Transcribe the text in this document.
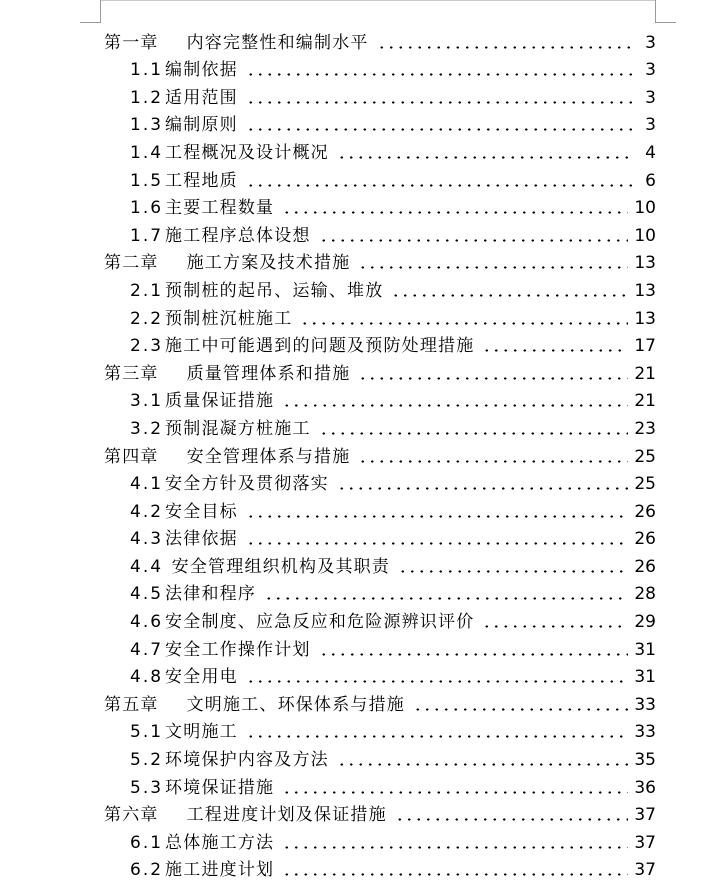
第一章 内容完整性和编制水平	3
1.1 编制依据	3
1.2 适用范围	3
1.3 编制原则	3
1.4 工程概况及设计概况	4
1.5 工程地质	6
1.6 主要工程数量	10
1.7 施工程序总体设想	10
第二章 施工方案及技术措施	13
2.1 预制桩的起吊、运输、堆放	13
2.2 预制桩沉桩施工	13
2.3 施工中可能遇到的问题及预防处理措施	17
第三章 质量管理体系和措施	21
3.1 质量保证措施	21
3.2 预制混凝方桩施工	23
第四章 安全管理体系与措施	25
4.1 安全方针及贯彻落实	25
4.2 安全目标	26
4.3 法律依据	26
4.4 安全管理组织机构及其职责	26
4.5 法律和程序	28
4.6 安全制度、应急反应和危险源辨识评价	29
4.7 安全工作操作计划	31
4.8 安全用电	31
第五章 文明施工、环保体系与措施	33
5.1 文明施工	33
5.2 环境保护内容及方法	35
5.3 环境保证措施	36
第六章 工程进度计划及保证措施	37
6.1 总体施工方法	37
6.2 施工进度计划	37
